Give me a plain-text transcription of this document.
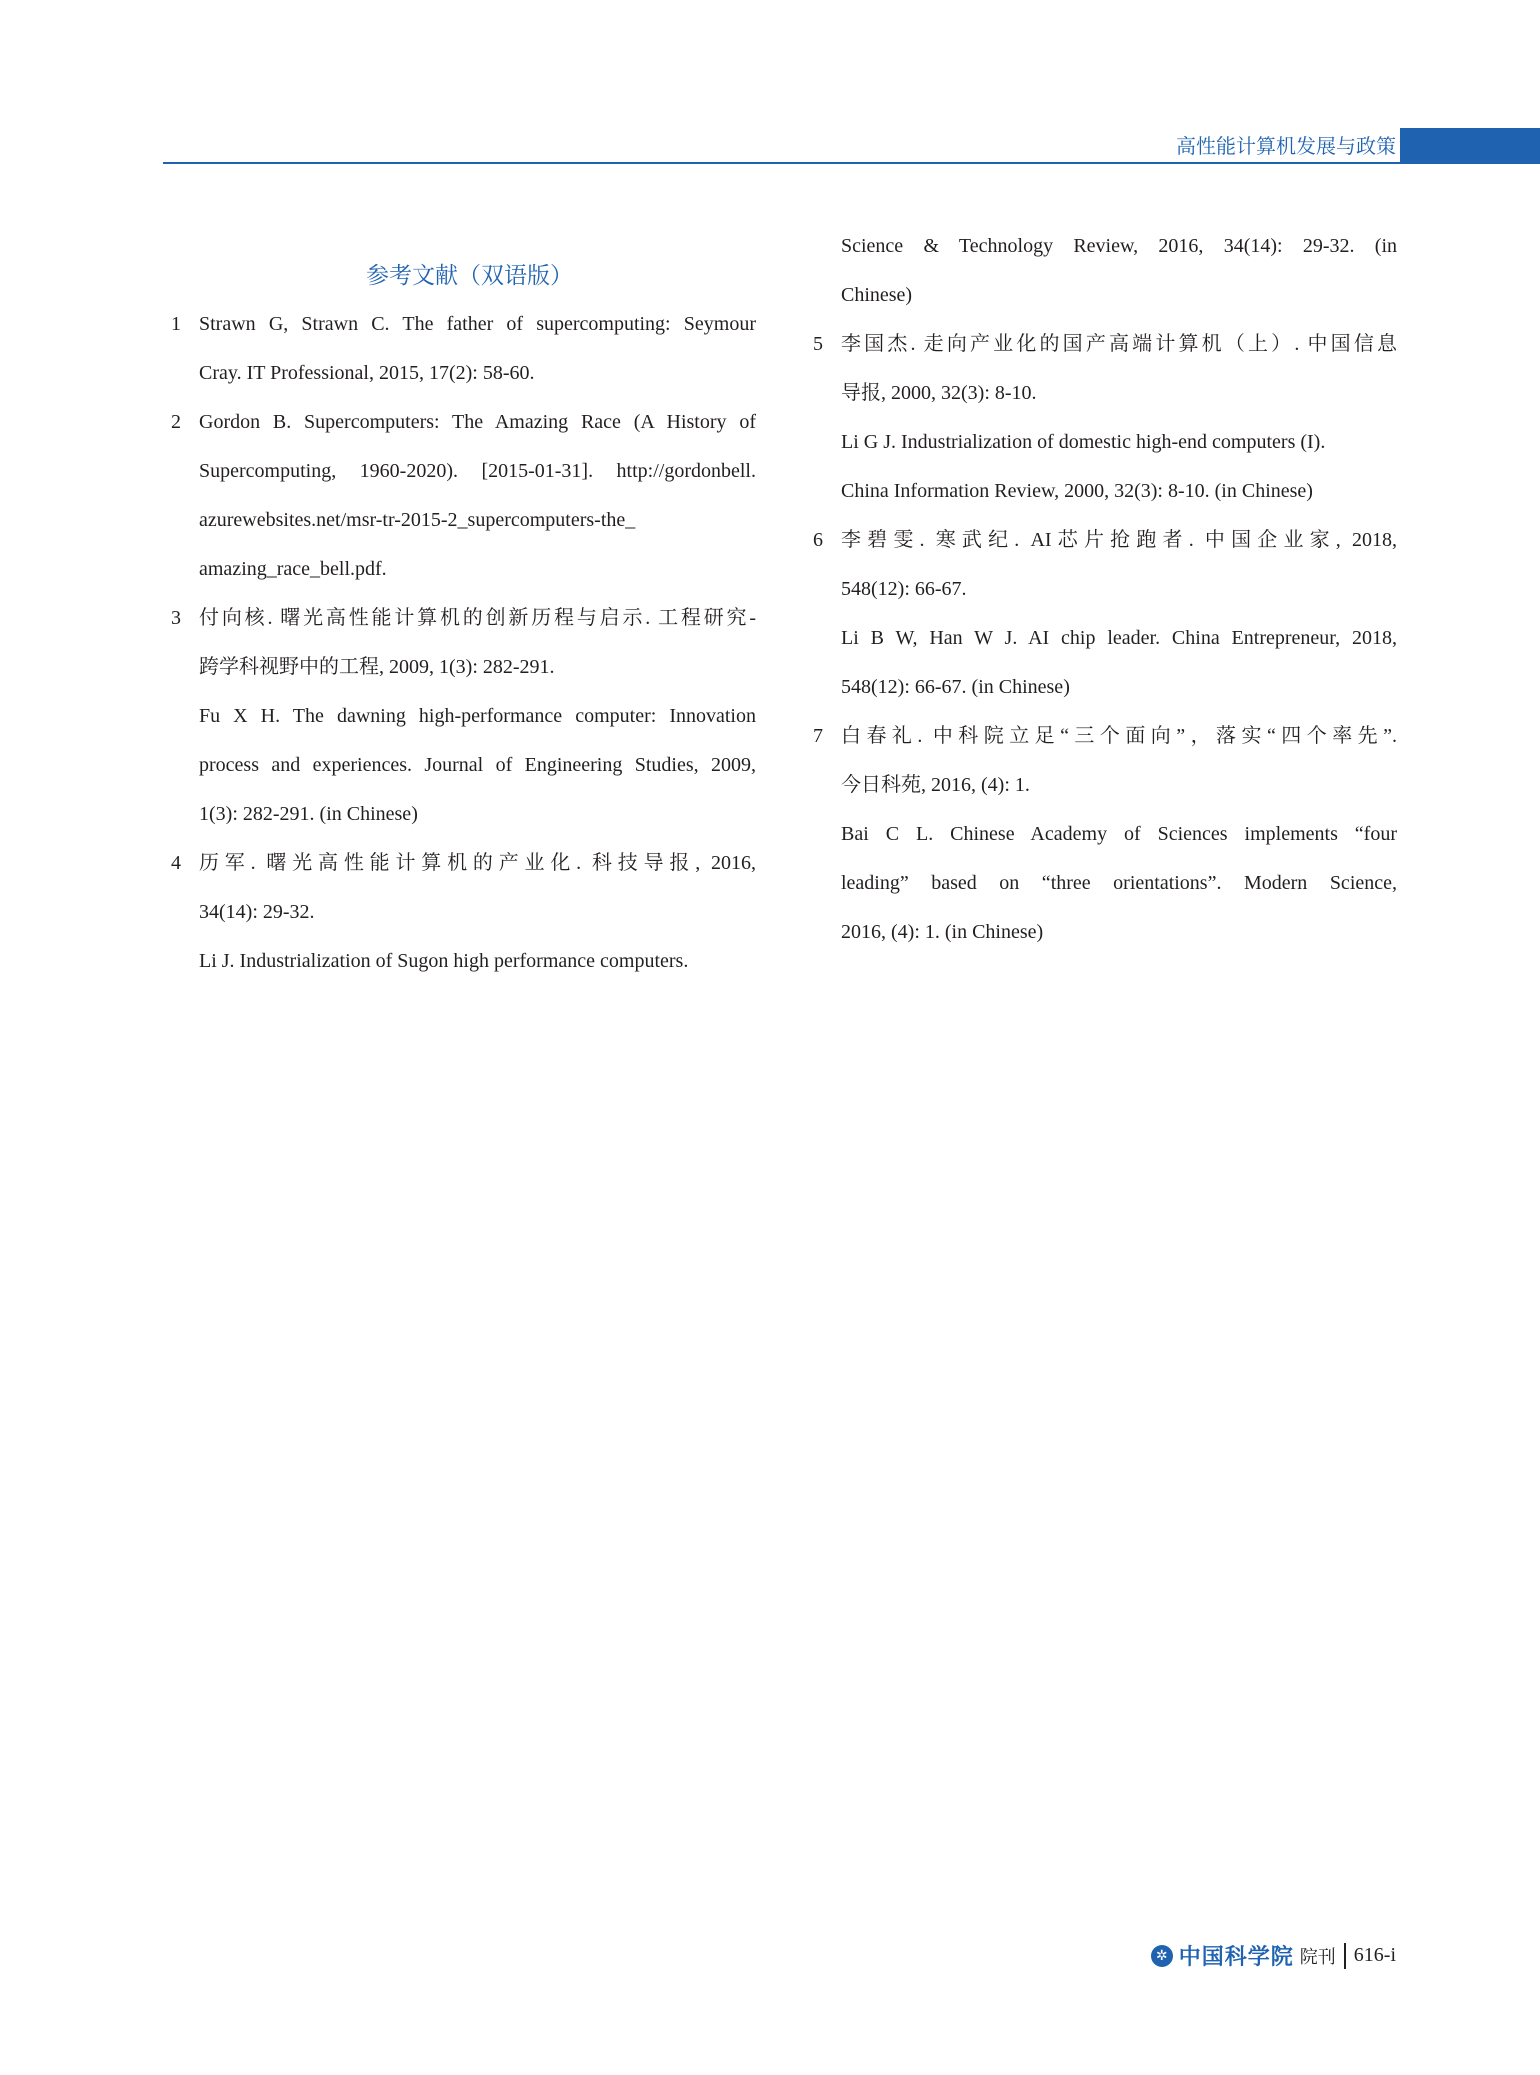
高性能计算机发展与政策
参考文献（双语版）
1 Strawn G, Strawn C. The father of supercomputing: Seymour
Cray. IT Professional, 2015, 17(2): 58-60.
2 Gordon B. Supercomputers: The Amazing Race (A History of
Supercomputing, 1960-2020). [2015-01-31]. http://gordonbell.
azurewebsites.net/msr-tr-2015-2_supercomputers-the_
amazing_race_bell.pdf.
3 付向核. 曙光高性能计算机的创新历程与启示. 工程研究-
跨学科视野中的工程, 2009, 1(3): 282-291.
Fu X H. The dawning high-performance computer: Innovation
process and experiences. Journal of Engineering Studies, 2009,
1(3): 282-291. (in Chinese)
4 历军. 曙光高性能计算机的产业化. 科技导报, 2016,
34(14): 29-32.
Li J. Industrialization of Sugon high performance computers.
Science & Technology Review, 2016, 34(14): 29-32. (in
Chinese)
5 李国杰. 走向产业化的国产高端计算机（上）. 中国信息
导报, 2000, 32(3): 8-10.
Li G J. Industrialization of domestic high-end computers (I).
China Information Review, 2000, 32(3): 8-10. (in Chinese)
6 李碧雯. 寒武纪. AI芯片抢跑者. 中国企业家, 2018,
548(12): 66-67.
Li B W, Han W J. AI chip leader. China Entrepreneur, 2018,
548(12): 66-67. (in Chinese)
7 白春礼. 中科院立足“三个面向”，落实“四个率先”.
今日科苑, 2016, (4): 1.
Bai C L. Chinese Academy of Sciences implements “four
leading” based on “three orientations”. Modern Science,
2016, (4): 1. (in Chinese)
✲ 中国科学院 院刊 616-i
